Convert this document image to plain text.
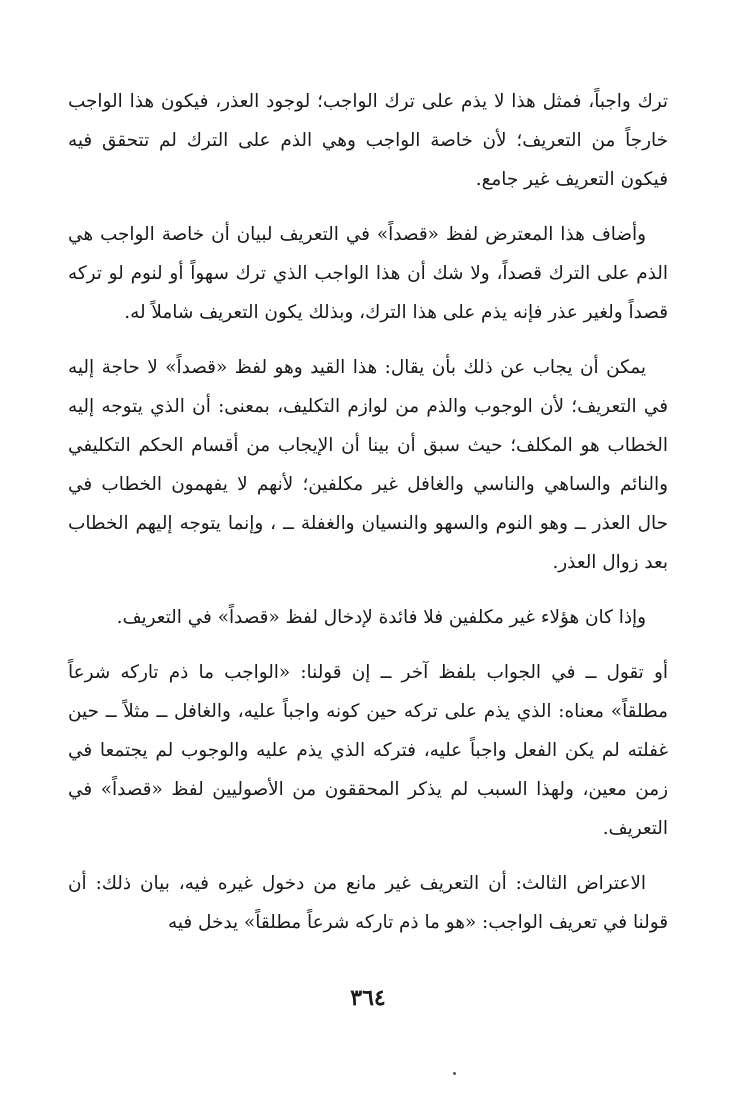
ترك واجباً، فمثل هذا لا يذم على ترك الواجب؛ لوجود العذر، فيكون هذا الواجب خارجاً من التعريف؛ لأن خاصة الواجب وهي الذم على الترك لم تتحقق فيه فيكون التعريف غير جامع.

وأضاف هذا المعترض لفظ «قصداً» في التعريف لبيان أن خاصة الواجب هي الذم على الترك قصداً، ولا شك أن هذا الواجب الذي ترك سهواً أو لنوم لو تركه قصداً ولغير عذر فإنه يذم على هذا الترك، وبذلك يكون التعريف شاملاً له.

يمكن أن يجاب عن ذلك بأن يقال: هذا القيد وهو لفظ «قصداً» لا حاجة إليه في التعريف؛ لأن الوجوب والذم من لوازم التكليف، بمعنى: أن الذي يتوجه إليه الخطاب هو المكلف؛ حيث سبق أن بينا أن الإيجاب من أقسام الحكم التكليفي والنائم والساهي والناسي والغافل غير مكلفين؛ لأنهم لا يفهمون الخطاب في حال العذر ــ وهو النوم والسهو والنسيان والغفلة ــ ، وإنما يتوجه إليهم الخطاب بعد زوال العذر.

وإذا كان هؤلاء غير مكلفين فلا فائدة لإدخال لفظ «قصداً» في التعريف.

أو تقول ــ في الجواب بلفظ آخر ــ إن قولنا: «الواجب ما ذم تاركه شرعاً مطلقاً» معناه: الذي يذم على تركه حين كونه واجباً عليه، والغافل ــ مثلاً ــ حين غفلته لم يكن الفعل واجباً عليه، فتركه الذي يذم عليه والوجوب لم يجتمعا في زمن معين، ولهذا السبب لم يذكر المحققون من الأصوليين لفظ «قصداً» في التعريف.

الاعتراض الثالث: أن التعريف غير مانع من دخول غيره فيه، بيان ذلك: أن قولنا في تعريف الواجب: «هو ما ذم تاركه شرعاً مطلقاً» يدخل فيه

٣٦٤
